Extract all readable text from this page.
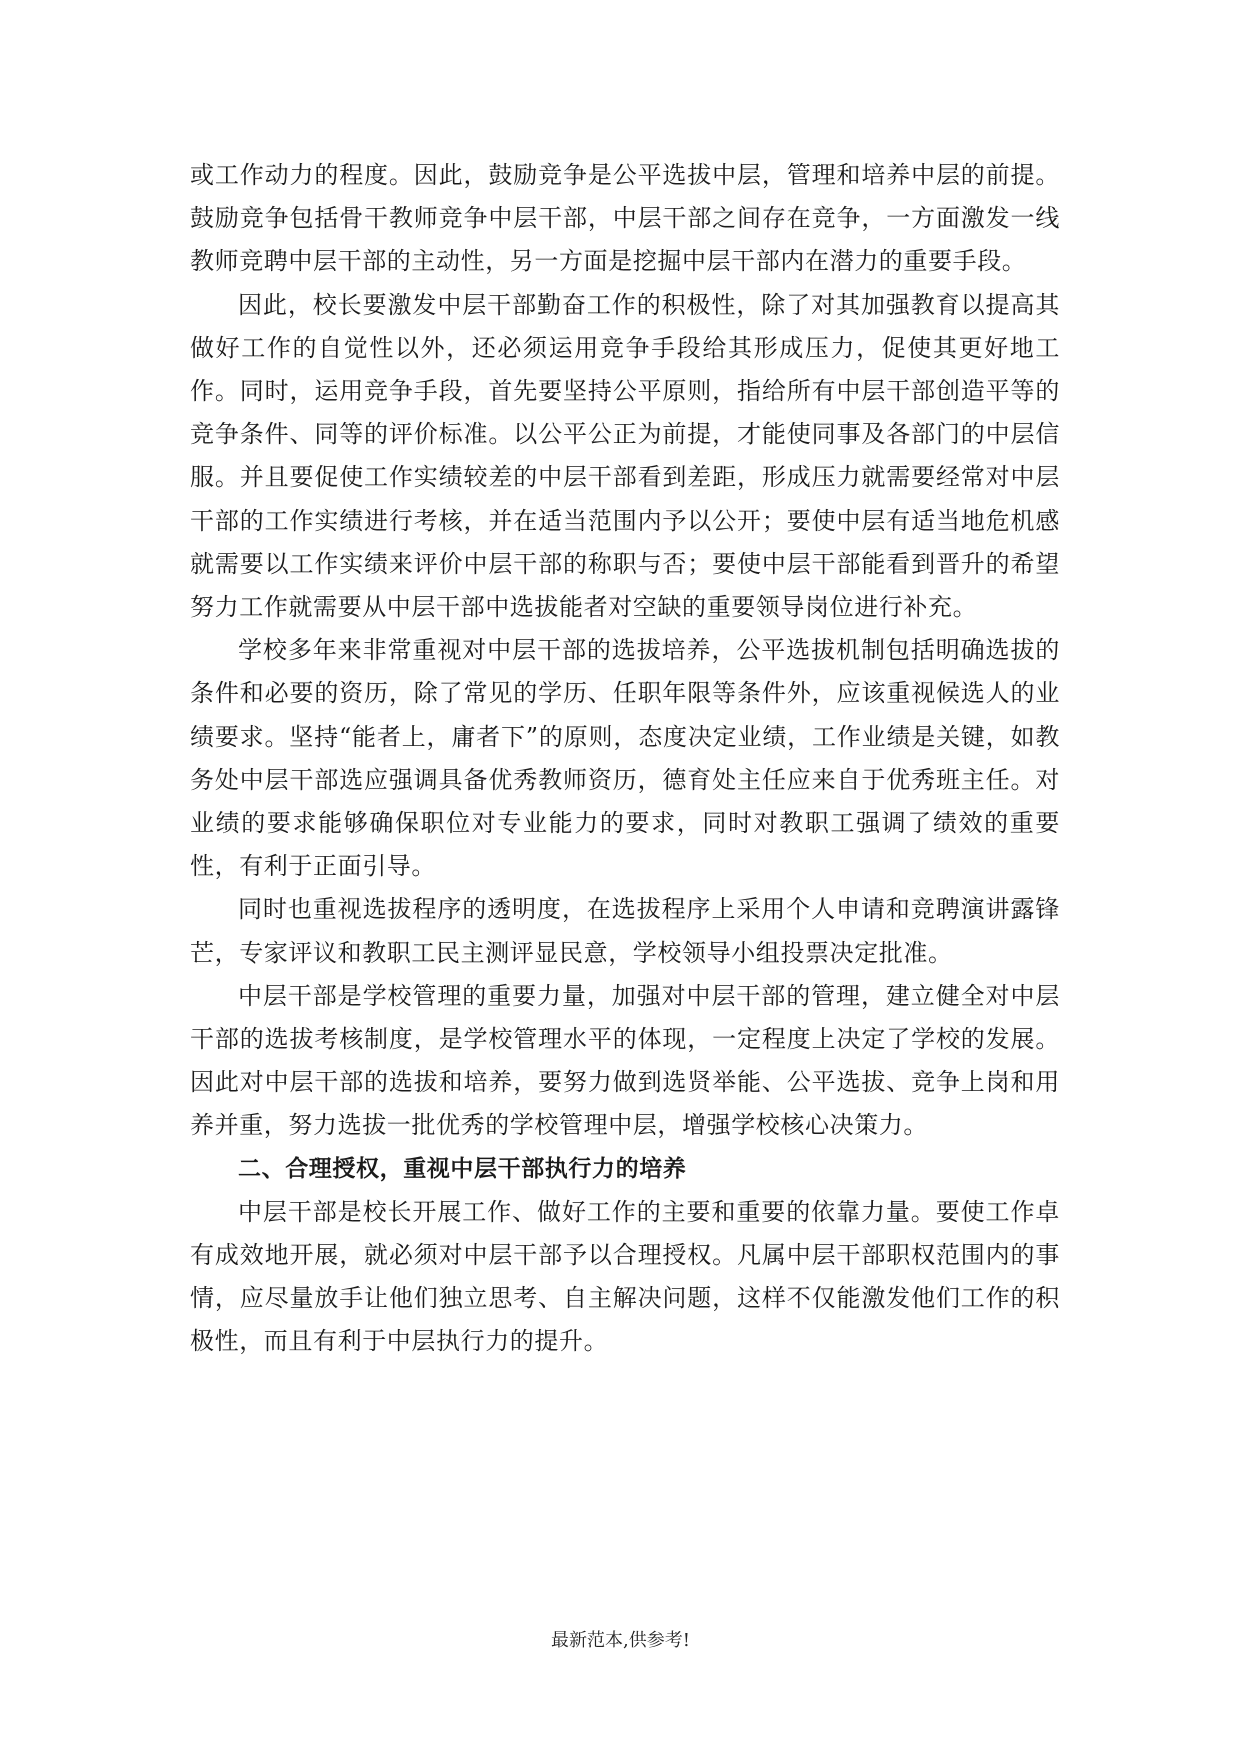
或工作动力的程度。因此，鼓励竞争是公平选拔中层，管理和培养中层的前提。鼓励竞争包括骨干教师竞争中层干部，中层干部之间存在竞争，一方面激发一线教师竞聘中层干部的主动性，另一方面是挖掘中层干部内在潜力的重要手段。

因此，校长要激发中层干部勤奋工作的积极性，除了对其加强教育以提高其做好工作的自觉性以外，还必须运用竞争手段给其形成压力，促使其更好地工作。同时，运用竞争手段，首先要坚持公平原则，指给所有中层干部创造平等的竞争条件、同等的评价标准。以公平公正为前提，才能使同事及各部门的中层信服。并且要促使工作实绩较差的中层干部看到差距，形成压力就需要经常对中层干部的工作实绩进行考核，并在适当范围内予以公开；要使中层有适当地危机感就需要以工作实绩来评价中层干部的称职与否；要使中层干部能看到晋升的希望努力工作就需要从中层干部中选拔能者对空缺的重要领导岗位进行补充。

学校多年来非常重视对中层干部的选拔培养，公平选拔机制包括明确选拔的条件和必要的资历，除了常见的学历、任职年限等条件外，应该重视候选人的业绩要求。坚持“能者上，庸者下”的原则，态度决定业绩，工作业绩是关键，如教务处中层干部选应强调具备优秀教师资历，德育处主任应来自于优秀班主任。对业绩的要求能够确保职位对专业能力的要求，同时对教职工强调了绩效的重要性，有利于正面引导。

同时也重视选拔程序的透明度，在选拔程序上采用个人申请和竞聘演讲露锋芒，专家评议和教职工民主测评显民意，学校领导小组投票决定批准。

中层干部是学校管理的重要力量，加强对中层干部的管理，建立健全对中层干部的选拔考核制度，是学校管理水平的体现，一定程度上决定了学校的发展。因此对中层干部的选拔和培养，要努力做到选贤举能、公平选拔、竞争上岗和用养并重，努力选拔一批优秀的学校管理中层，增强学校核心决策力。

二、合理授权，重视中层干部执行力的培养

中层干部是校长开展工作、做好工作的主要和重要的依靠力量。要使工作卓有成效地开展，就必须对中层干部予以合理授权。凡属中层干部职权范围内的事情，应尽量放手让他们独立思考、自主解决问题，这样不仅能激发他们工作的积极性，而且有利于中层执行力的提升。

最新范本,供参考!
